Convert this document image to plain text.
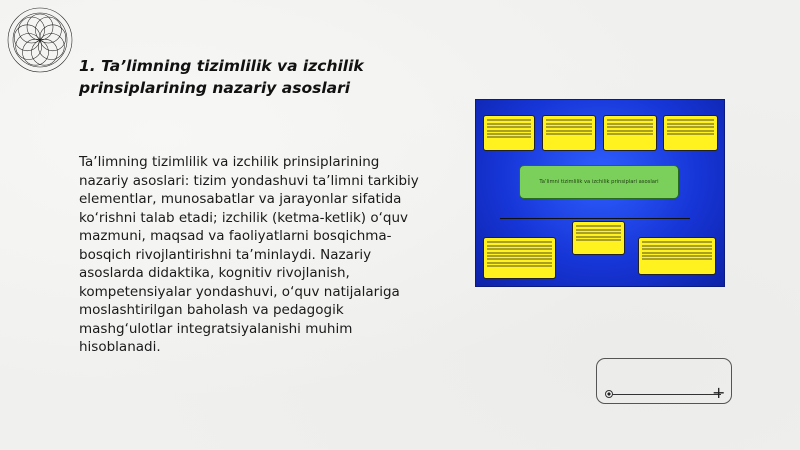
1. Ta’limning tizimlilik va izchilik prinsiplarining nazariy asoslari
Ta’limning tizimlilik va izchilik prinsiplarining nazariy asoslari: tizim yondashuvi ta’limni tarkibiy elementlar, munosabatlar va jarayonlar sifatida ko‘rishni talab etadi; izchilik (ketma-ketlik) o‘quv mazmuni, maqsad va faoliyatlarni bosqichma-bosqich rivojlantirishni ta’minlaydi. Nazariy asoslarda didaktika, kognitiv rivojlanish, kompetensiyalar yondashuvi, o‘quv natijalariga moslashtirilgan baholash va pedagogik mashg‘ulotlar integratsiyalanishi muhim hisoblanadi.
Ta’limni tizimlilik va izchilik prinsiplari asoslari
+
